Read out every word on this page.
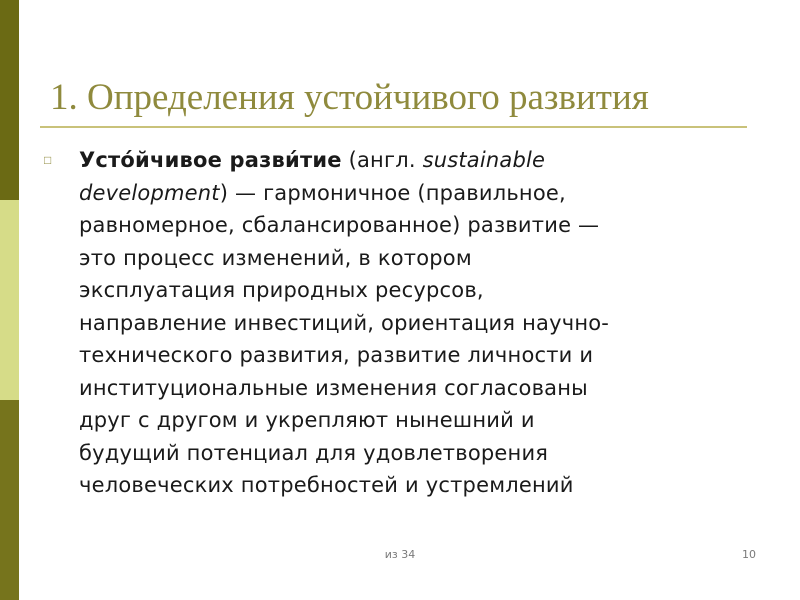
1. Определения устойчивого развития
□ Усто́йчивое разви́тие (англ. sustainable
development) — гармоничное (правильное,
равномерное, сбалансированное) развитие —
это процесс изменений, в котором
эксплуатация природных ресурсов,
направление инвестиций, ориентация научно-
технического развития, развитие личности и
институциональные изменения согласованы
друг с другом и укрепляют нынешний и
будущий потенциал для удовлетворения
человеческих потребностей и устремлений

из 34	10
